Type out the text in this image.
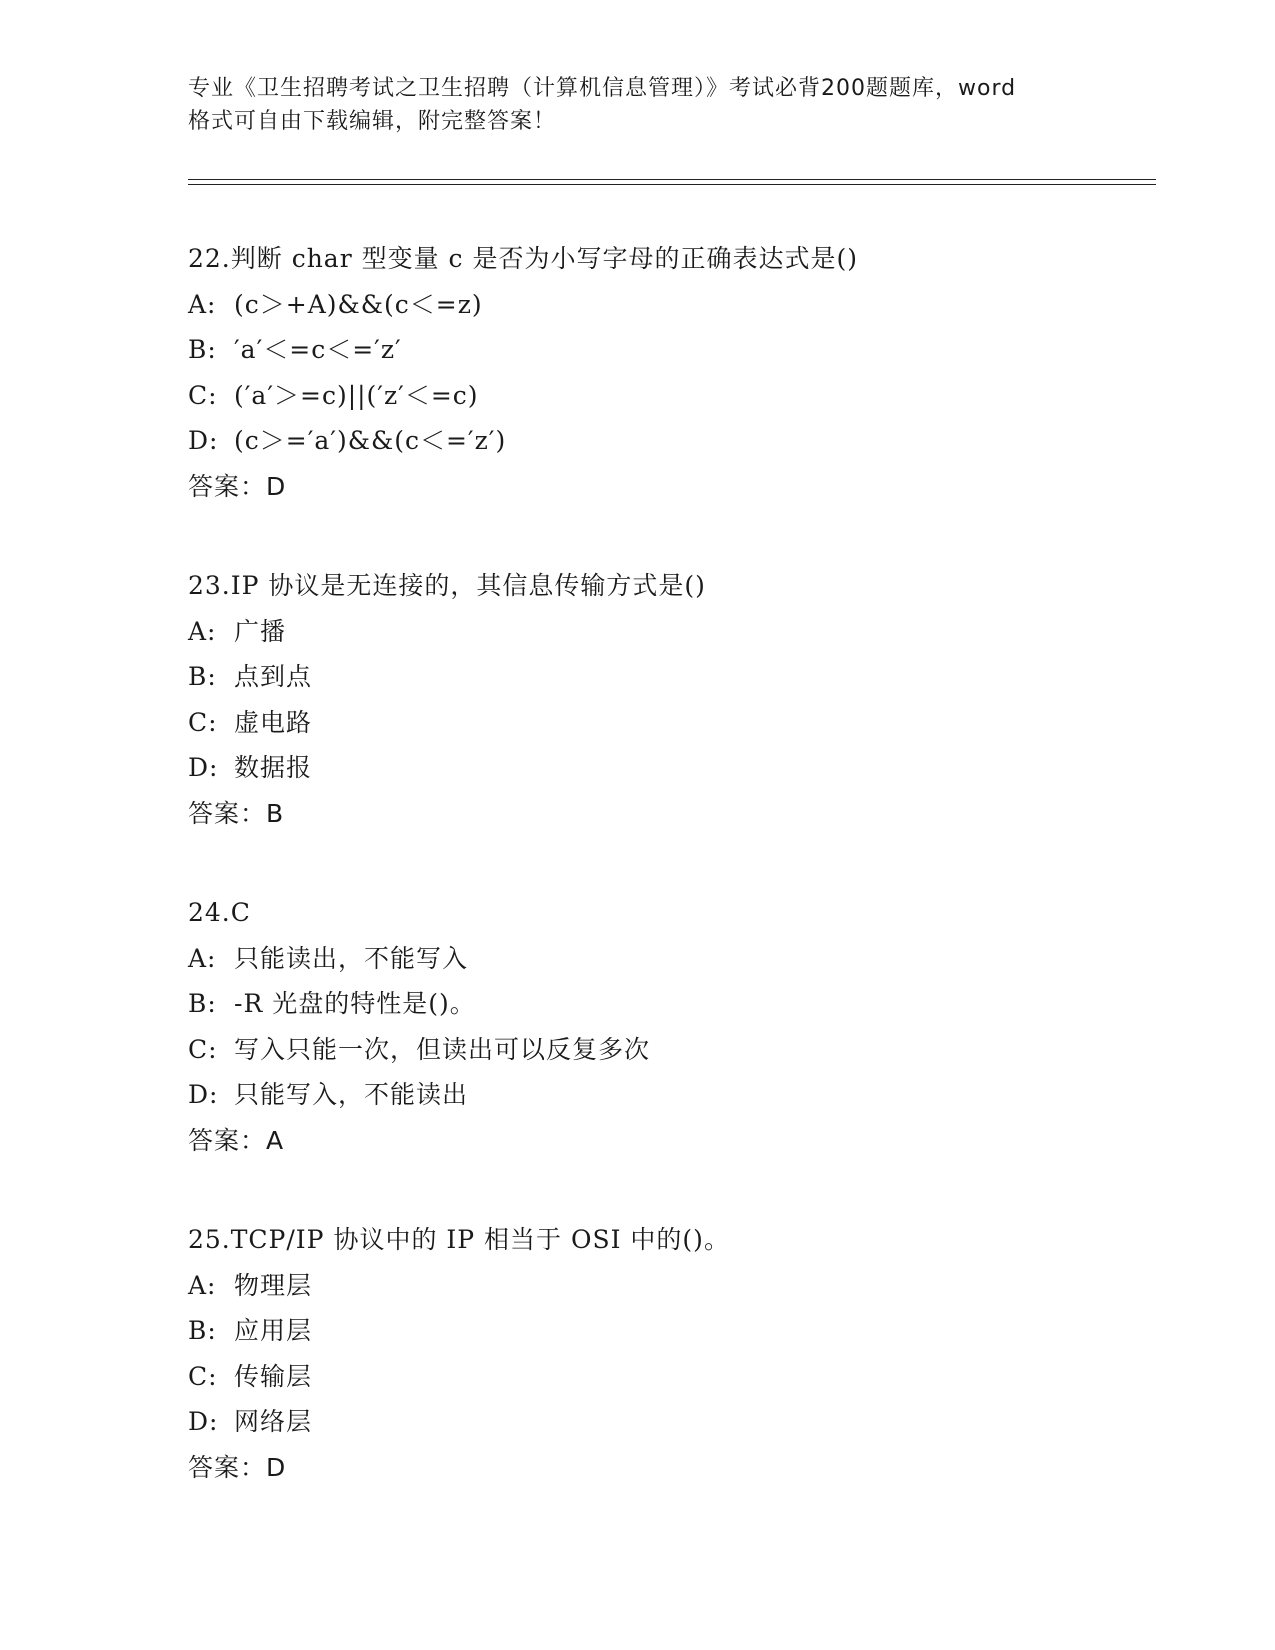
专业《卫生招聘考试之卫生招聘（计算机信息管理）》考试必背200题题库，word
格式可自由下载编辑，附完整答案！
22.判断 char 型变量 c 是否为小写字母的正确表达式是()
A: (c＞+A)&&(c＜=z)
B: ′a′＜=c＜=′z′
C: (′a′＞=c)||(′z′＜=c)
D: (c＞=′a′)&&(c＜=′z′)
答案：D
23.IP 协议是无连接的，其信息传输方式是()
A: 广播
B: 点到点
C: 虚电路
D: 数据报
答案：B
24.C
A: 只能读出，不能写入
B: -R 光盘的特性是()。
C: 写入只能一次，但读出可以反复多次
D: 只能写入，不能读出
答案：A
25.TCP/IP 协议中的 IP 相当于 OSI 中的()。
A: 物理层
B: 应用层
C: 传输层
D: 网络层
答案：D
